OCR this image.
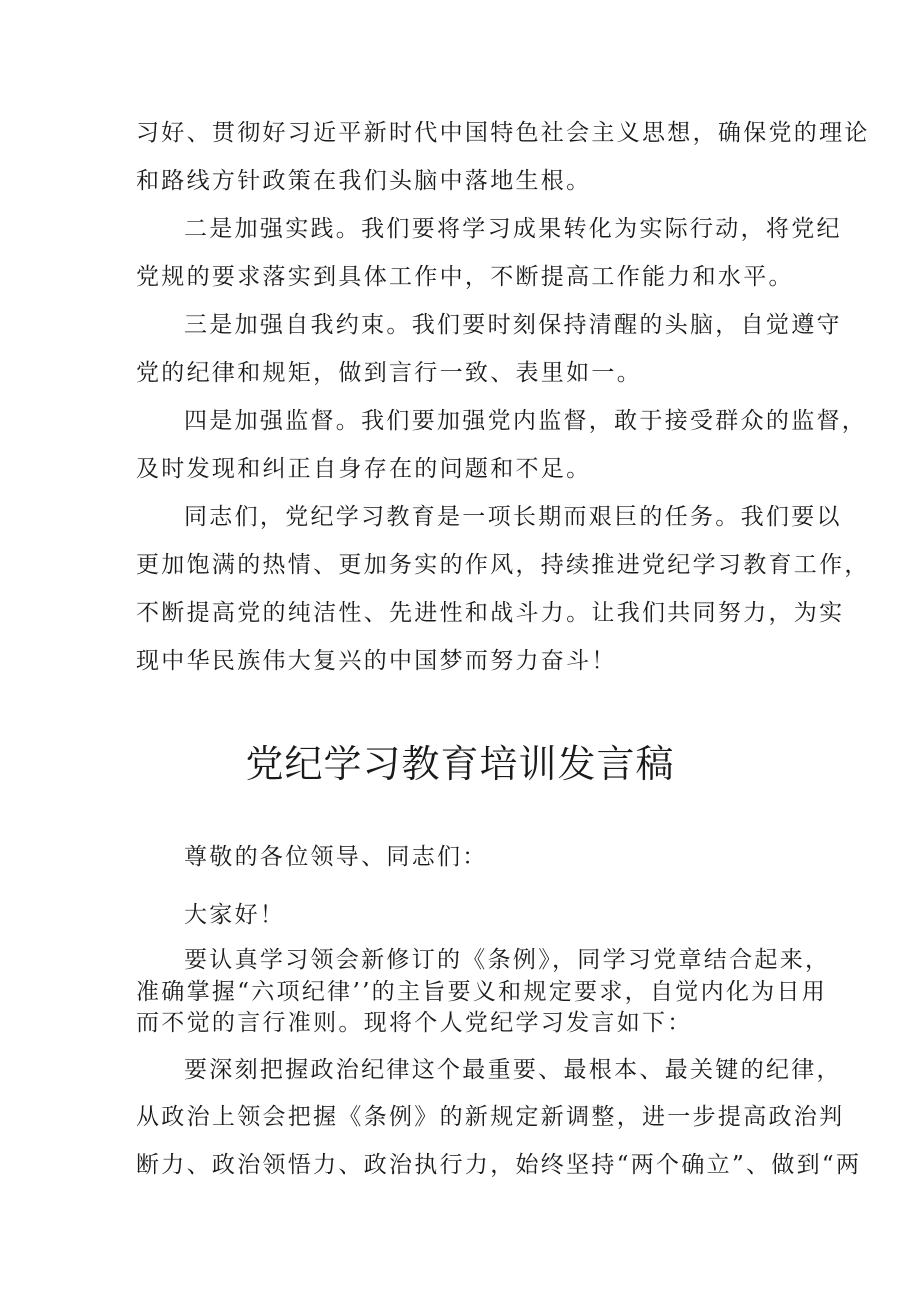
习好、贯彻好习近平新时代中国特色社会主义思想，确保党的理论

和路线方针政策在我们头脑中落地生根。

二是加强实践。我们要将学习成果转化为实际行动，将党纪

党规的要求落实到具体工作中，不断提高工作能力和水平。

三是加强自我约束。我们要时刻保持清醒的头脑，自觉遵守

党的纪律和规矩，做到言行一致、表里如一。

四是加强监督。我们要加强党内监督，敢于接受群众的监督，

及时发现和纠正自身存在的问题和不足。

同志们，党纪学习教育是一项长期而艰巨的任务。我们要以

更加饱满的热情、更加务实的作风，持续推进党纪学习教育工作，

不断提高党的纯洁性、先进性和战斗力。让我们共同努力，为实

现中华民族伟大复兴的中国梦而努力奋斗！

党纪学习教育培训发言稿

尊敬的各位领导、同志们：

大家好！

要认真学习领会新修订的《条例》，同学习党章结合起来，

准确掌握“六项纪律’’的主旨要义和规定要求，自觉内化为日用

而不觉的言行准则。现将个人党纪学习发言如下：

要深刻把握政治纪律这个最重要、最根本、最关键的纪律，

从政治上领会把握《条例》的新规定新调整，进一步提高政治判

断力、政治领悟力、政治执行力，始终坚持“两个确立”、做到“两
